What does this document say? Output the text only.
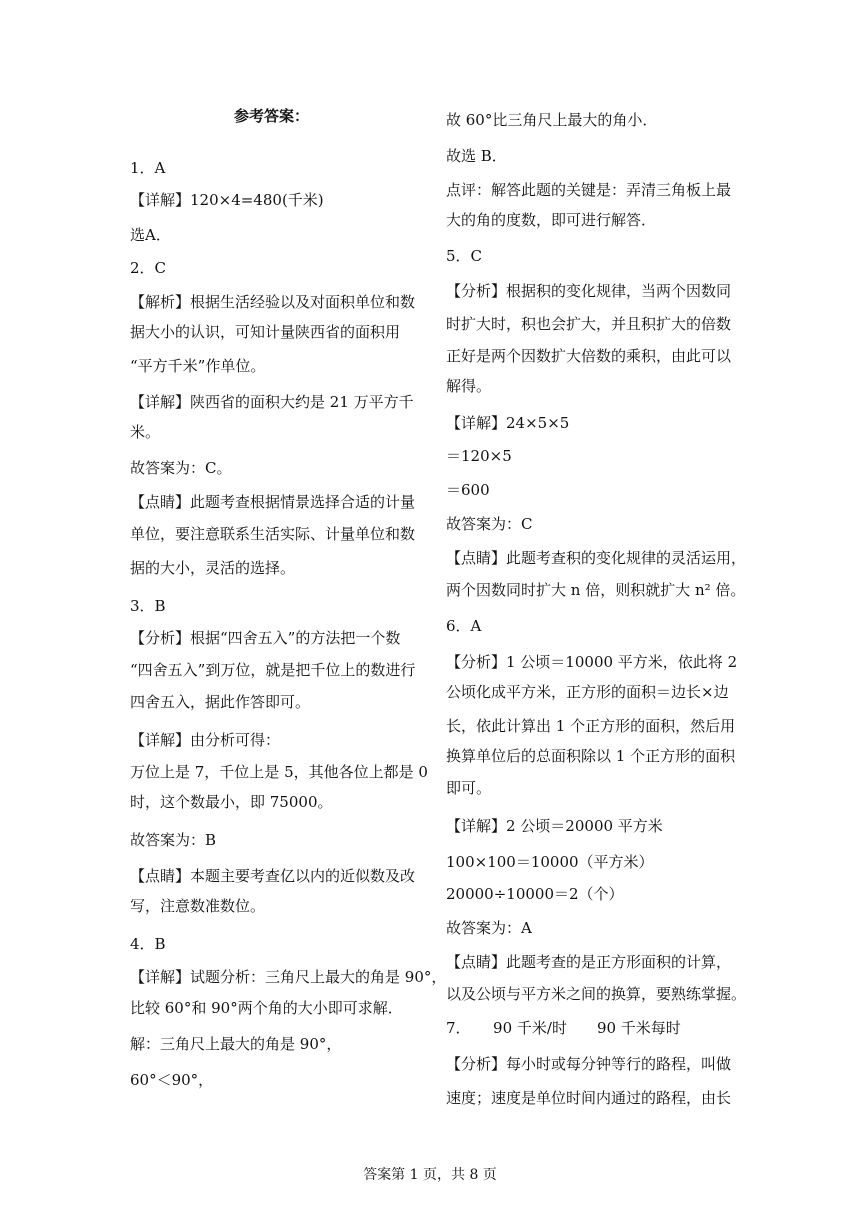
参考答案：
1．A
【详解】120×4=480(千米)
选A．
2．C
【解析】根据生活经验以及对面积单位和数
据大小的认识，可知计量陕西省的面积用
“平方千米”作单位。
【详解】陕西省的面积大约是 21 万平方千
米。
故答案为：C。
【点睛】此题考查根据情景选择合适的计量
单位，要注意联系生活实际、计量单位和数
据的大小，灵活的选择。
3．B
【分析】根据“四舍五入”的方法把一个数
“四舍五入”到万位，就是把千位上的数进行
四舍五入，据此作答即可。
【详解】由分析可得：
万位上是 7，千位上是 5，其他各位上都是 0
时，这个数最小，即 75000。
故答案为：B
【点睛】本题主要考查亿以内的近似数及改
写，注意数准数位。
4．B
【详解】试题分析：三角尺上最大的角是 90°，
比较 60°和 90°两个角的大小即可求解．
解：三角尺上最大的角是 90°，
60°＜90°，
故 60°比三角尺上最大的角小．
故选 B．
点评：解答此题的关键是：弄清三角板上最
大的角的度数，即可进行解答．
5．C
【分析】根据积的变化规律，当两个因数同
时扩大时，积也会扩大，并且积扩大的倍数
正好是两个因数扩大倍数的乘积，由此可以
解得。
【详解】24×5×5
＝120×5
＝600
故答案为：C
【点睛】此题考查积的变化规律的灵活运用，
两个因数同时扩大 n 倍，则积就扩大 n² 倍。
6．A
【分析】1 公顷＝10000 平方米，依此将 2
公顷化成平方米，正方形的面积＝边长×边
长，依此计算出 1 个正方形的面积，然后用
换算单位后的总面积除以 1 个正方形的面积
即可。
【详解】2 公顷＝20000 平方米
100×100＝10000（平方米）
20000÷10000＝2（个）
故答案为：A
【点睛】此题考查的是正方形面积的计算，
以及公顷与平方米之间的换算，要熟练掌握。
7．　　90 千米/时　　90 千米每时
【分析】每小时或每分钟等行的路程，叫做
速度；速度是单位时间内通过的路程，由长
答案第 1 页，共 8 页
